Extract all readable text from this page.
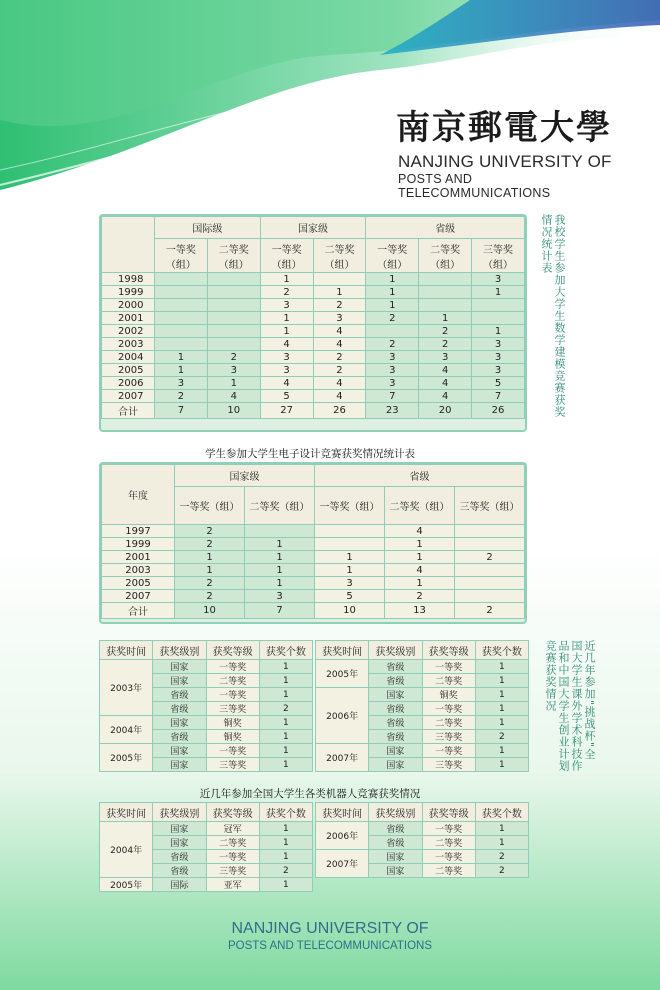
南京郵電大學
NANJING UNIVERSITY OF
POSTS AND TELECOMMUNICATIONS
	国际级		国家级		省级		
	一等奖（组）	二等奖（组）	一等奖（组）	二等奖（组）	一等奖（组）	二等奖（组）	三等奖（组）
1998			1		1		3
1999			2	1	1		1
2000			3	2	1		
2001			1	3	2	1	
2002			1	4		2	1
2003			4	4	2	2	3
2004	1	2	3	2	3	3	3
2005	1	3	3	2	3	4	3
2006	3	1	4	4	3	4	5
2007	2	4	5	4	7	4	7
合计	7	10	27	26	23	20	26	我校学生参加大学生数学建模竞赛获奖情况统计表
学生参加大学生电子设计竞赛获奖情况统计表
年度	国家级		省级		
	一等奖（组）	二等奖（组）	一等奖（组）	二等奖（组）	三等奖（组）
1997	2			4	
1999	2	1		1	
2001	1	1	1	1	2
2003	1	1	1	4	
2005	2	1	3	1	
2007	2	3	5	2	
合计	10	7	10	13	2
获奖时间	获奖级别	获奖等级	获奖个数
2003年	国家	一等奖	1
	国家	二等奖	1
	省级	一等奖	1
	省级	三等奖	2
2004年	国家	铜奖	1
	省级	铜奖	1
2005年	国家	一等奖	1
	国家	三等奖	1
获奖时间	获奖级别	获奖等级	获奖个数
2005年	省级	一等奖	1
	省级	二等奖	1
2006年	国家	铜奖	1
	省级	一等奖	1
	省级	二等奖	1
	省级	三等奖	2
2007年	国家	一等奖	1
	国家	三等奖	1
近几年参加"挑战杯"全国大学生课外学术科技作品和中国大学生创业计划竞赛获奖情况
近几年参加全国大学生各类机器人竞赛获奖情况
获奖时间	获奖级别	获奖等级	获奖个数
2004年	国家	冠军	1
	国家	二等奖	1
	省级	一等奖	1
	省级	三等奖	2
2005年	国际	亚军	1
获奖时间	获奖级别	获奖等级	获奖个数
2006年	省级	一等奖	1
	省级	二等奖	1
2007年	国家	一等奖	2
	国家	二等奖	2
NANJING UNIVERSITY OF
POSTS AND TELECOMMUNICATIONS
